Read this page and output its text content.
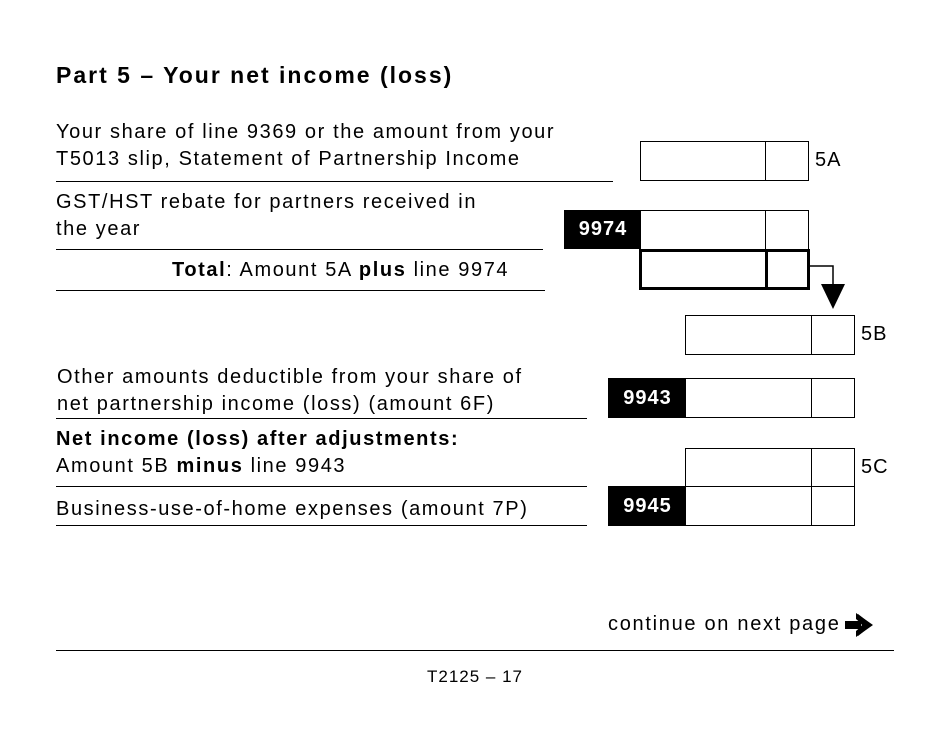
Part 5 – Your net income (loss)
Your share of line 9369 or the amount from your
T5013 slip, Statement of Partnership Income	5A
GST/HST rebate for partners received in
the year	9974
Total: Amount 5A plus line 9974
5B
Other amounts deductible from your share of
net partnership income (loss) (amount 6F)	9943
Net income (loss) after adjustments:
Amount 5B minus line 9943	5C
Business-use-of-home expenses (amount 7P)	9945
continue on next page
T2125 – 17
